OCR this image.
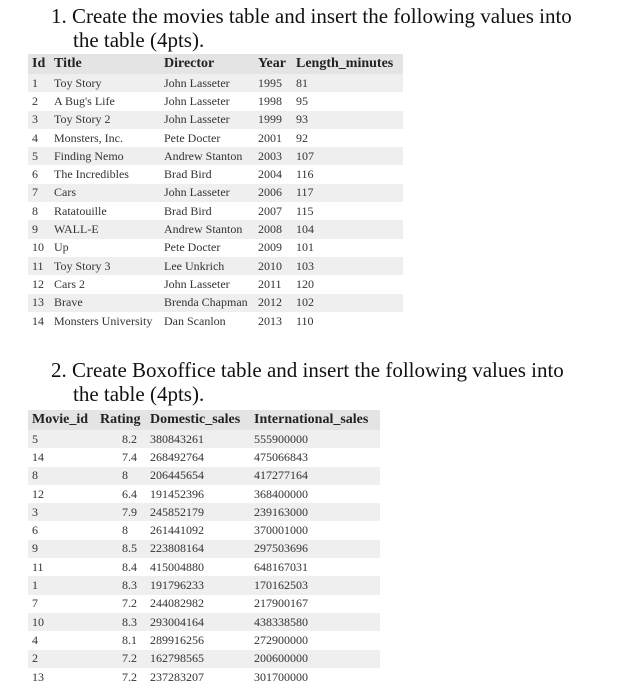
1. Create the movies table and insert the following values into
the table (4pts).
Id	Title	Director	Year	Length_minutes
1	Toy Story	John Lasseter	1995	81
2	A Bug's Life	John Lasseter	1998	95
3	Toy Story 2	John Lasseter	1999	93
4	Monsters, Inc.	Pete Docter	2001	92
5	Finding Nemo	Andrew Stanton	2003	107
6	The Incredibles	Brad Bird	2004	116
7	Cars	John Lasseter	2006	117
8	Ratatouille	Brad Bird	2007	115
9	WALL-E	Andrew Stanton	2008	104
10	Up	Pete Docter	2009	101
11	Toy Story 3	Lee Unkrich	2010	103
12	Cars 2	John Lasseter	2011	120
13	Brave	Brenda Chapman	2012	102
14	Monsters University	Dan Scanlon	2013	110
2. Create Boxoffice table and insert the following values into
the table (4pts).
Movie_id	Rating	Domestic_sales	International_sales
5	8.2	380843261	555900000
14	7.4	268492764	475066843
8	8	206445654	417277164
12	6.4	191452396	368400000
3	7.9	245852179	239163000
6	8	261441092	370001000
9	8.5	223808164	297503696
11	8.4	415004880	648167031
1	8.3	191796233	170162503
7	7.2	244082982	217900167
10	8.3	293004164	438338580
4	8.1	289916256	272900000
2	7.2	162798565	200600000
13	7.2	237283207	301700000
